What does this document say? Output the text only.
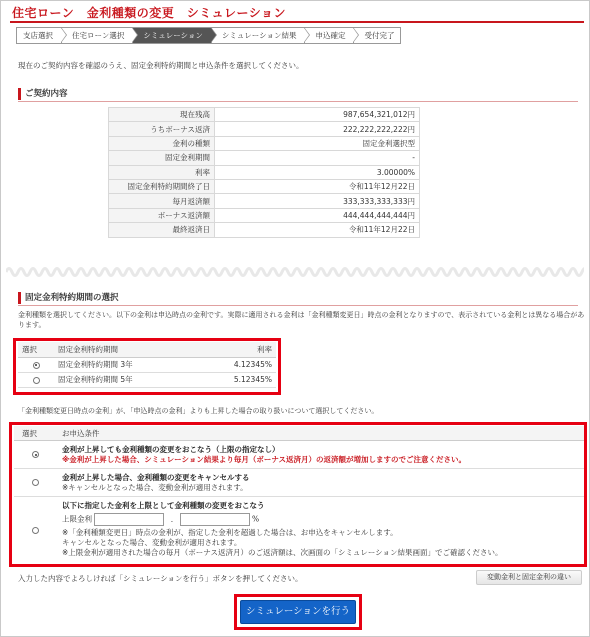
住宅ローン　金利種類の変更　シミュレーション
支店選択	住宅ローン選択	シミュレーション	シミュレーション結果	申込確定	受付完了
現在のご契約内容を確認のうえ、固定金利特約期間と申込条件を選択してください。
ご契約内容
現在残高	987,654,321,012円
うちボーナス返済	222,222,222,222円
金利の種類	固定金利選択型
固定金利期間	-
利率	3.00000%
固定金利特約期間終了日	令和11年12月22日
毎月返済額	333,333,333,333円
ボーナス返済額	444,444,444,444円
最終返済日	令和11年12月22日
固定金利特約期間の選択
金利種類を選択してください。以下の金利は申込時点の金利です。実際に適用される金利は「金利種類変更日」時点の金利となりますので、表示されている金利とは異なる場合があります。
選択	固定金利特約期間	利率
	固定金利特約期間 3年	4.12345%
	固定金利特約期間 5年	5.12345%
「金利種類変更日時点の金利」が、「申込時点の金利」よりも上昇した場合の取り扱いについて選択してください。
選択	お申込条件
金利が上昇しても金利種類の変更をおこなう（上限の指定なし）
※金利が上昇した場合、シミュレーション結果より毎月（ボーナス返済月）の返済額が増加しますのでご注意ください。
金利が上昇した場合、金利種類の変更をキャンセルする
※キャンセルとなった場合、変動金利が適用されます。
以下に指定した金利を上限として金利種類の変更をおこなう
上限金利	.	%
※「金利種類変更日」時点の金利が、指定した金利を超過した場合は、お申込をキャンセルします。
キャンセルとなった場合、変動金利が適用されます。
※上限金利が適用された場合の毎月（ボーナス返済月）のご返済額は、次画面の「シミュレーション結果画面」でご確認ください。
入力した内容でよろしければ「シミュレーションを行う」ボタンを押してください。	変動金利と固定金利の違い
シミュレーションを行う
